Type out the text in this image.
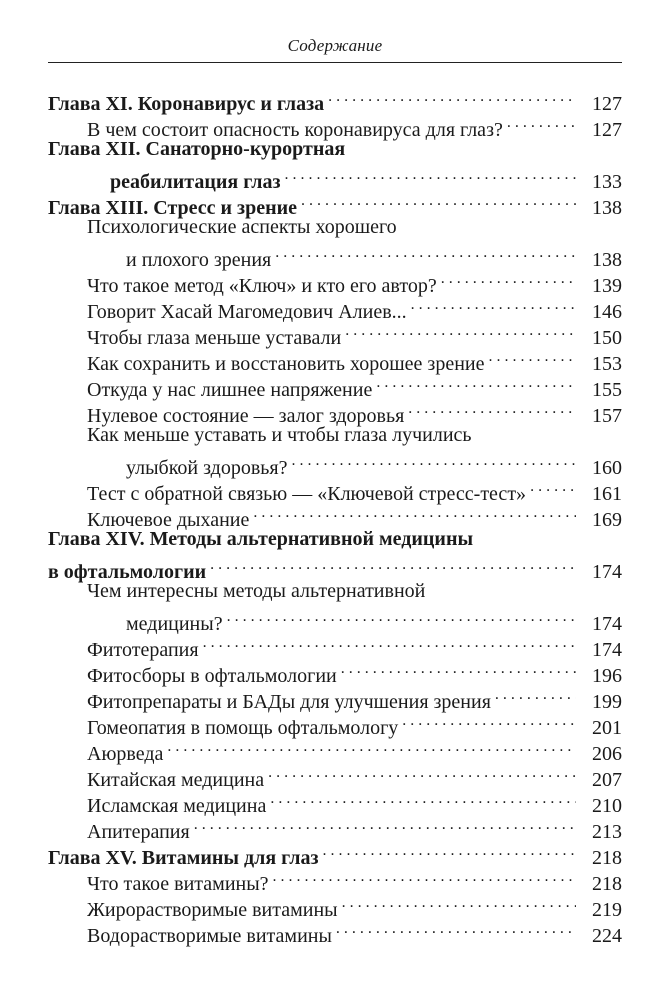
Содержание
Глава XI. Коронавирус и глаза . . .	127
В чем состоит опасность коронавируса для глаз? . . .	127
Глава XII. Санаторно-курортная
реабилитация глаз . . .	133
Глава XIII. Стресс и зрение . . .	138
Психологические аспекты хорошего
и плохого зрения . . .	138
Что такое метод «Ключ» и кто его автор? . . .	139
Говорит Хасай Магомедович Алиев... . . .	146
Чтобы глаза меньше уставали . . .	150
Как сохранить и восстановить хорошее зрение . . .	153
Откуда у нас лишнее напряжение . . .	155
Нулевое состояние — залог здоровья . . .	157
Как меньше уставать и чтобы глаза лучились
улыбкой здоровья? . . .	160
Тест с обратной связью — «Ключевой стресс-тест» . . .	161
Ключевое дыхание . . .	169
Глава XIV. Методы альтернативной медицины
в офтальмологии . . .	174
Чем интересны методы альтернативной
медицины? . . .	174
Фитотерапия . . .	174
Фитосборы в офтальмологии . . .	196
Фитопрепараты и БАДы для улучшения зрения . . .	199
Гомеопатия в помощь офтальмологу . . .	201
Аюрведа . . .	206
Китайская медицина . . .	207
Исламская медицина . . .	210
Апитерапия . . .	213
Глава XV. Витамины для глаз . . .	218
Что такое витамины? . . .	218
Жирорастворимые витамины . . .	219
Водорастворимые витамины . . .	224
